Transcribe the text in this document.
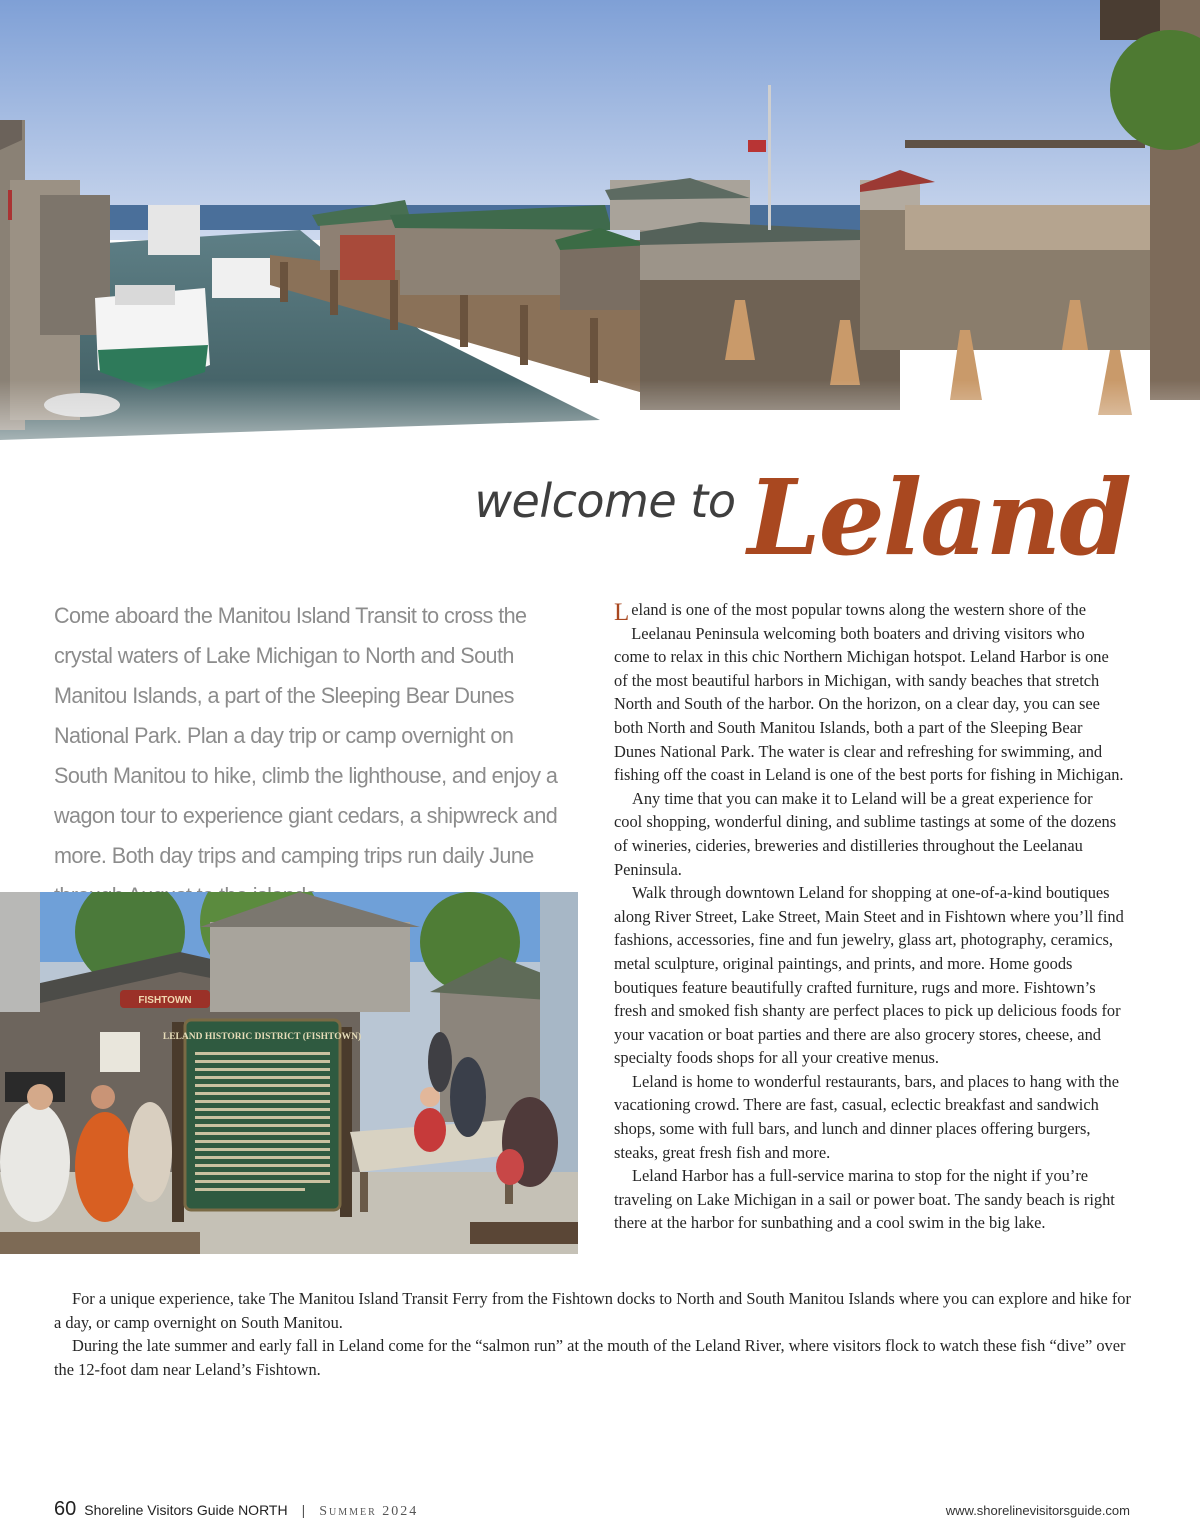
welcome to Leland
Come aboard the Manitou Island Transit to cross the crystal waters of Lake Michigan to North and South Manitou Islands, a part of the Sleeping Bear Dunes National Park. Plan a day trip or camp overnight on South Manitou to hike, climb the lighthouse, and enjoy a wagon tour to experience giant cedars, a shipwreck and more. Both day trips and camping trips run daily June
FISHTOWN
LELAND HISTORIC DISTRICT (FISHTOWN)

Leland is one of the most popular towns along the western shore of the Leelanau Peninsula welcoming both boaters and driving visitors who come to relax in this chic Northern Michigan hotspot. Leland Harbor is one of the most beautiful harbors in Michigan, with sandy beaches that stretch North and South of the harbor. On the horizon, on a clear day, you can see both North and South Manitou Islands, both a part of the Sleeping Bear Dunes National Park. The water is clear and refreshing for swimming, and fishing off the coast in Leland is one of the best ports for fishing in Michigan.

Any time that you can make it to Leland will be a great experience for cool shopping, wonderful dining, and sublime tastings at some of the dozens of wineries, cideries, breweries and distilleries throughout the Leelanau Peninsula.

Walk through downtown Leland for shopping at one-of-a-kind boutiques along River Street, Lake Street, Main Steet and in Fishtown where you’ll find fashions, accessories, fine and fun jewelry, glass art, photography, ceramics, metal sculpture, original paintings, and prints, and more. Home goods boutiques feature beautifully crafted furniture, rugs and more. Fishtown’s fresh and smoked fish shanty are perfect places to pick up delicious foods for your vacation or boat parties and there are also grocery stores, cheese, and specialty foods shops for all your creative menus.

Leland is home to wonderful restaurants, bars, and places to hang with the vacationing crowd. There are fast, casual, eclectic breakfast and sandwich shops, some with full bars, and lunch and dinner places offering burgers, steaks, great fresh fish and more.

Leland Harbor has a full-service marina to stop for the night if you’re traveling on Lake Michigan in a sail or power boat. The sandy beach is right there at the harbor for sunbathing and a cool swim in the big lake.

For a unique experience, take The Manitou Island Transit Ferry from the Fishtown docks to North and South Manitou Islands where you can explore and hike for a day, or camp overnight on South Manitou.

During the late summer and early fall in Leland come for the “salmon run” at the mouth of the Leland River, where visitors flock to watch these fish “dive” over the 12-foot dam near Leland’s Fishtown.

60 Shoreline Visitors Guide NORTH | Summer 2024	www.shorelinevisitorsguide.com
